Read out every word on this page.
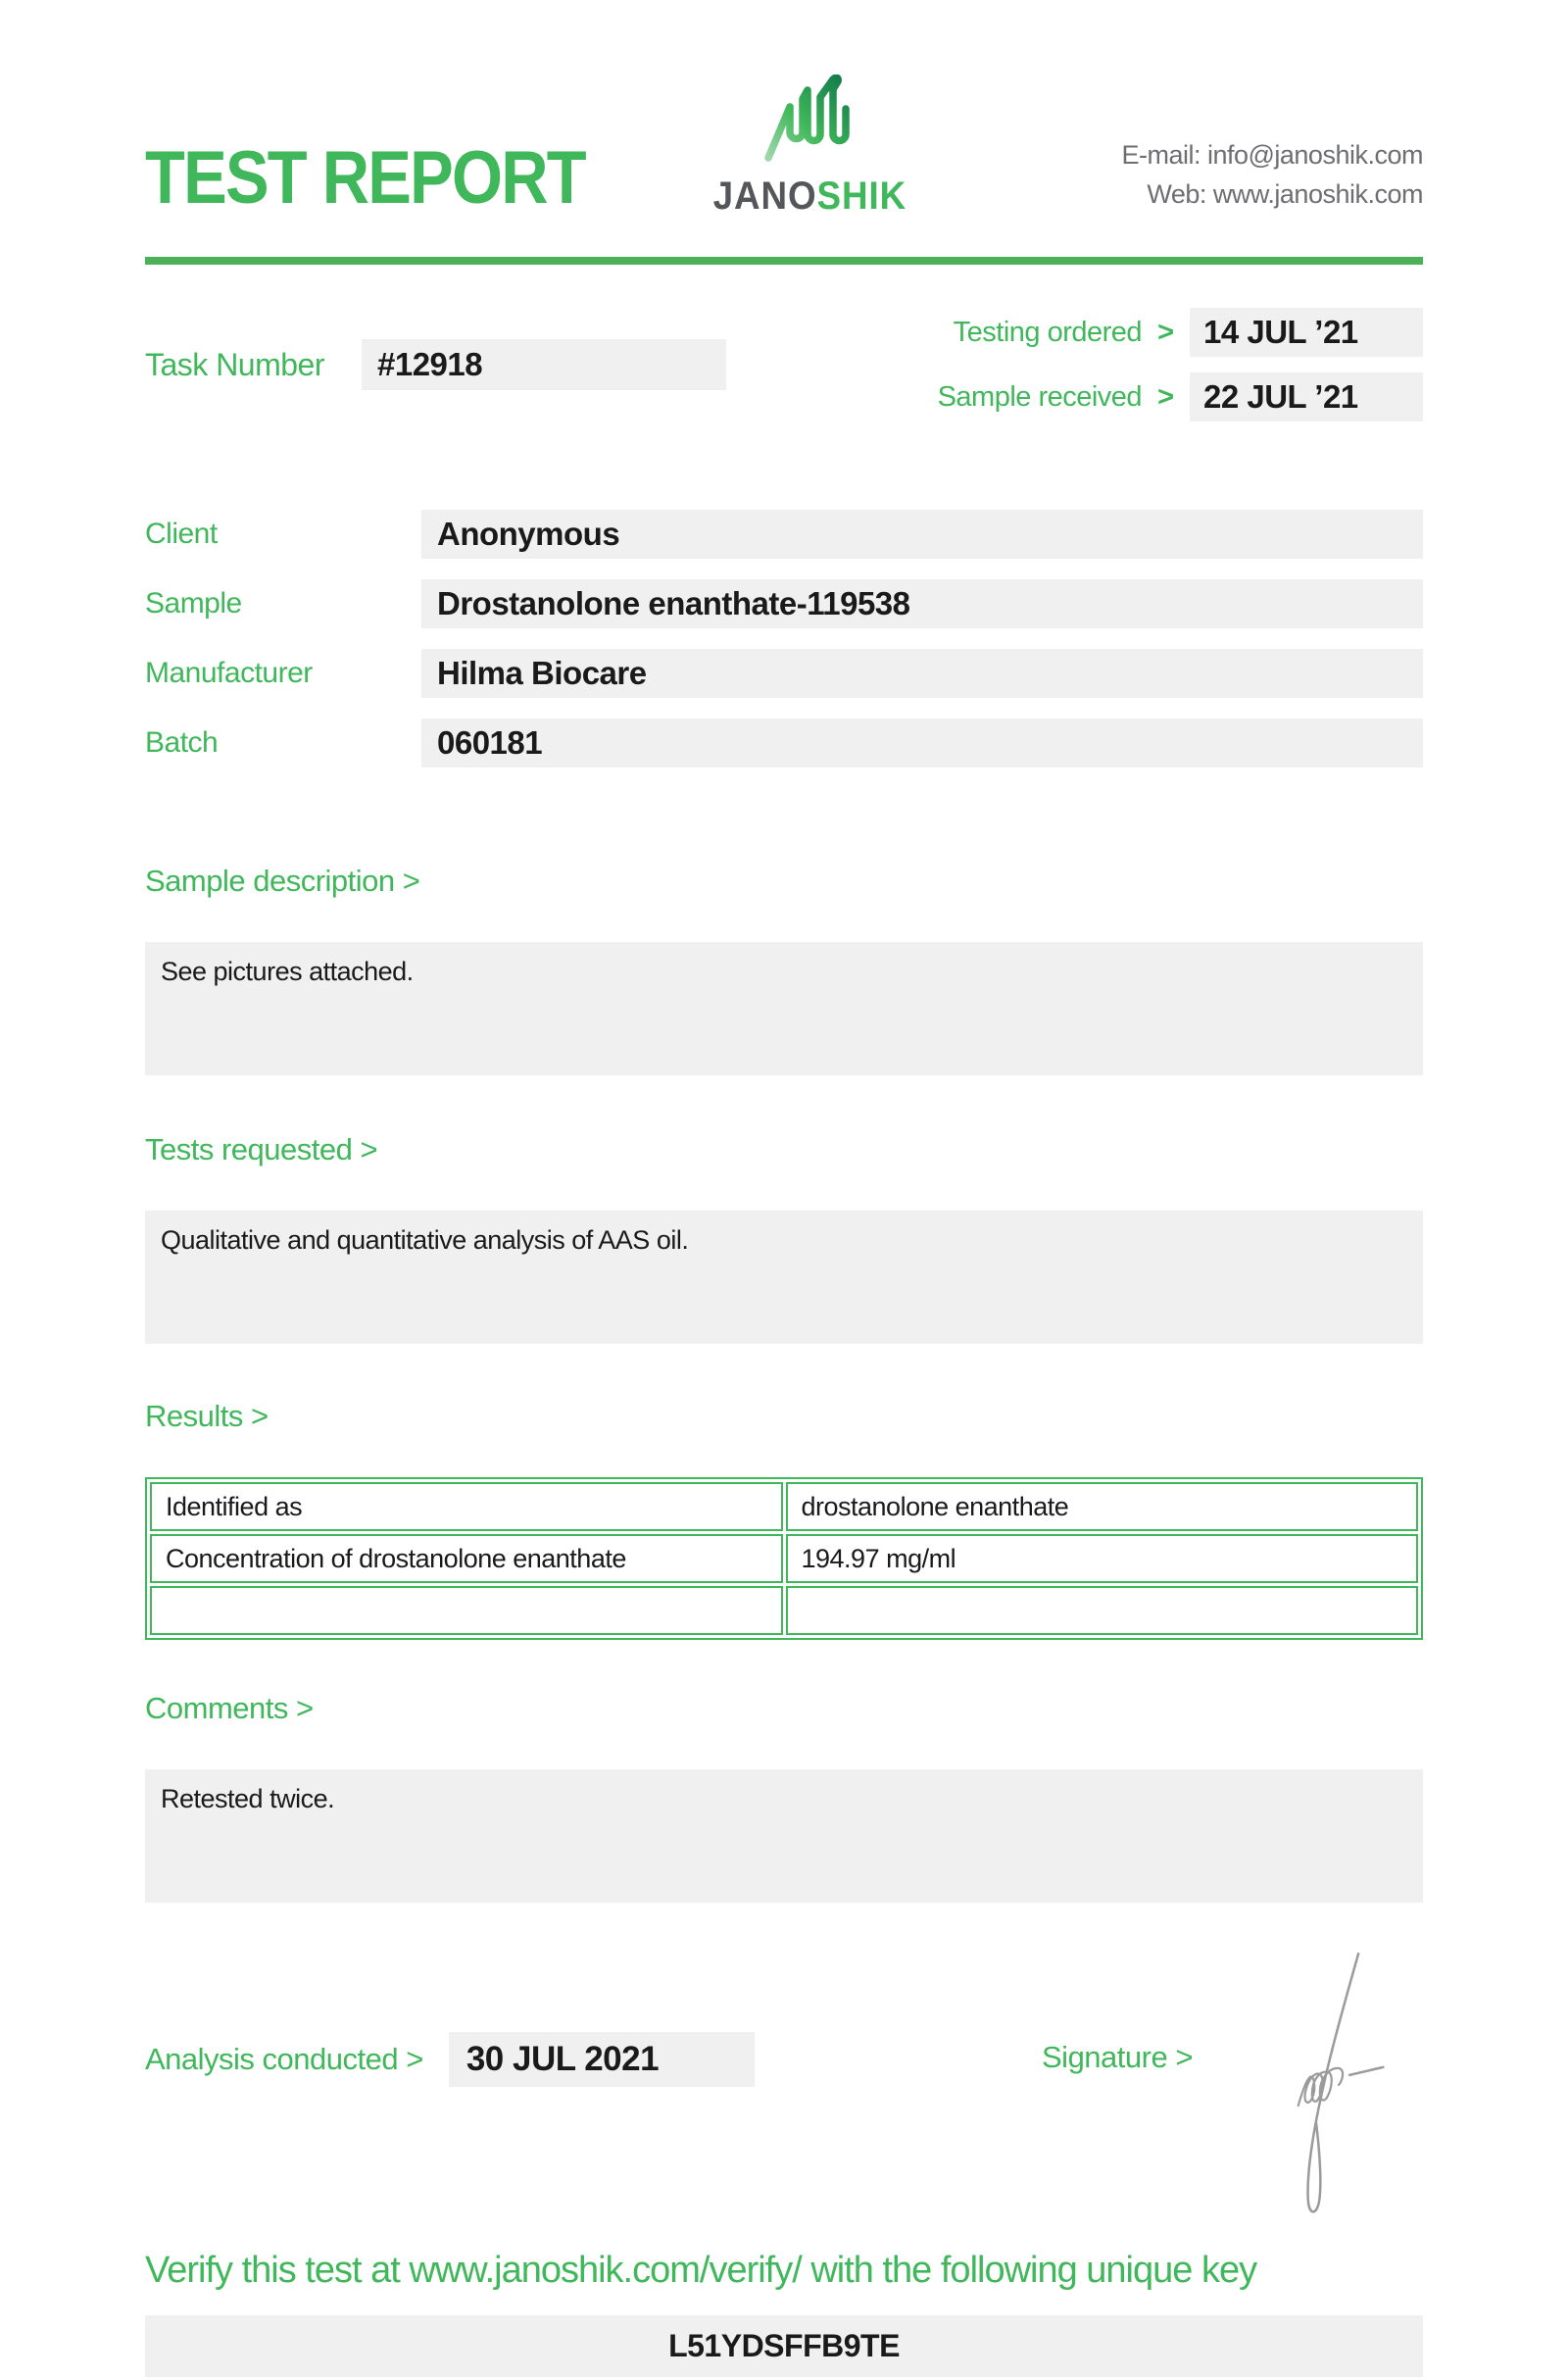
TEST REPORT	JANOSHIK
E-mail: info@janoshik.com
Web: www.janoshik.com
Task Number	#12918
Testing ordered > 14 JUL ’21
Sample received > 22 JUL ’21
Client	Anonymous
Sample	Drostanolone enanthate-119538
Manufacturer	Hilma Biocare
Batch	060181
Sample description >
See pictures attached.
Tests requested >
Qualitative and quantitative analysis of AAS oil.
Results >
Identified as	drostanolone enanthate
Concentration of drostanolone enanthate	194.97 mg/ml

Comments >
Retested twice.
Analysis conducted >	30 JUL 2021	Signature >
Verify this test at www.janoshik.com/verify/ with the following unique key
L51YDSFFB9TE
